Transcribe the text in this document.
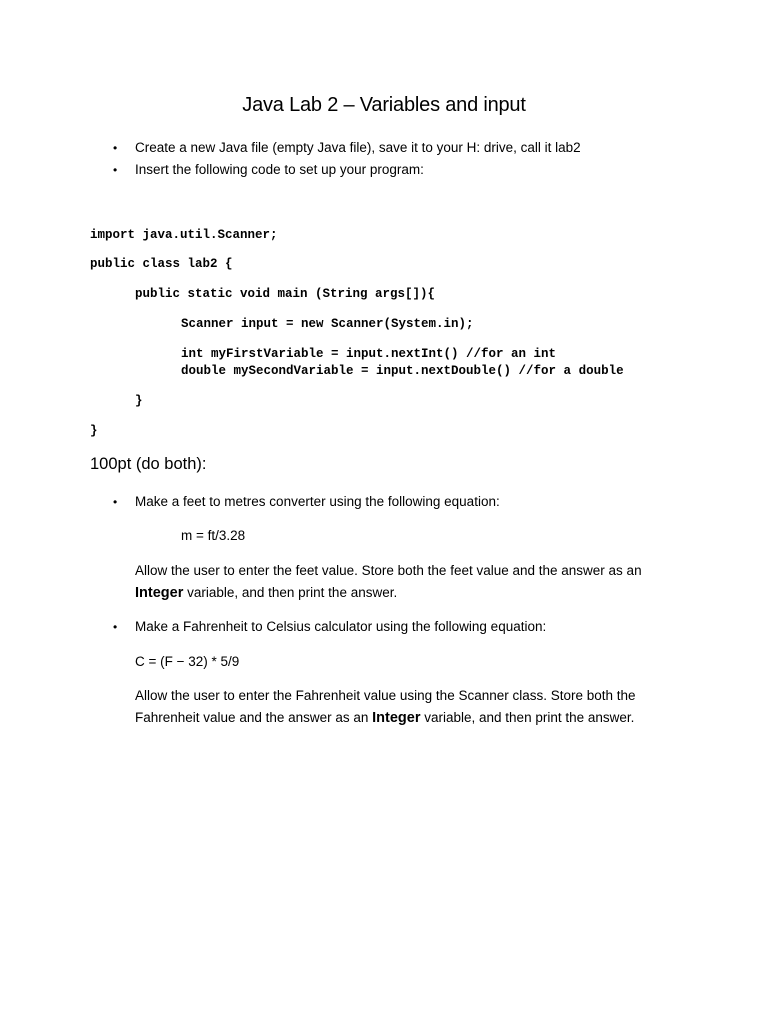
Java Lab 2 – Variables and input
• Create a new Java file (empty Java file), save it to your H: drive, call it lab2

• Insert the following code to set up your program:

import java.util.Scanner;

public class lab2 {

public static void main (String args[]){

Scanner input = new Scanner(System.in);

int myFirstVariable = input.nextInt() //for an int

double mySecondVariable = input.nextDouble() //for a double

}

}

100pt (do both):
• Make a feet to metres converter using the following equation:

m = ft/3.28

Allow the user to enter the feet value. Store both the feet value and the answer as an

Integer variable, and then print the answer.

• Make a Fahrenheit to Celsius calculator using the following equation:

C = (F − 32) * 5/9

Allow the user to enter the Fahrenheit value using the Scanner class. Store both the

Fahrenheit value and the answer as an Integer variable, and then print the answer.
